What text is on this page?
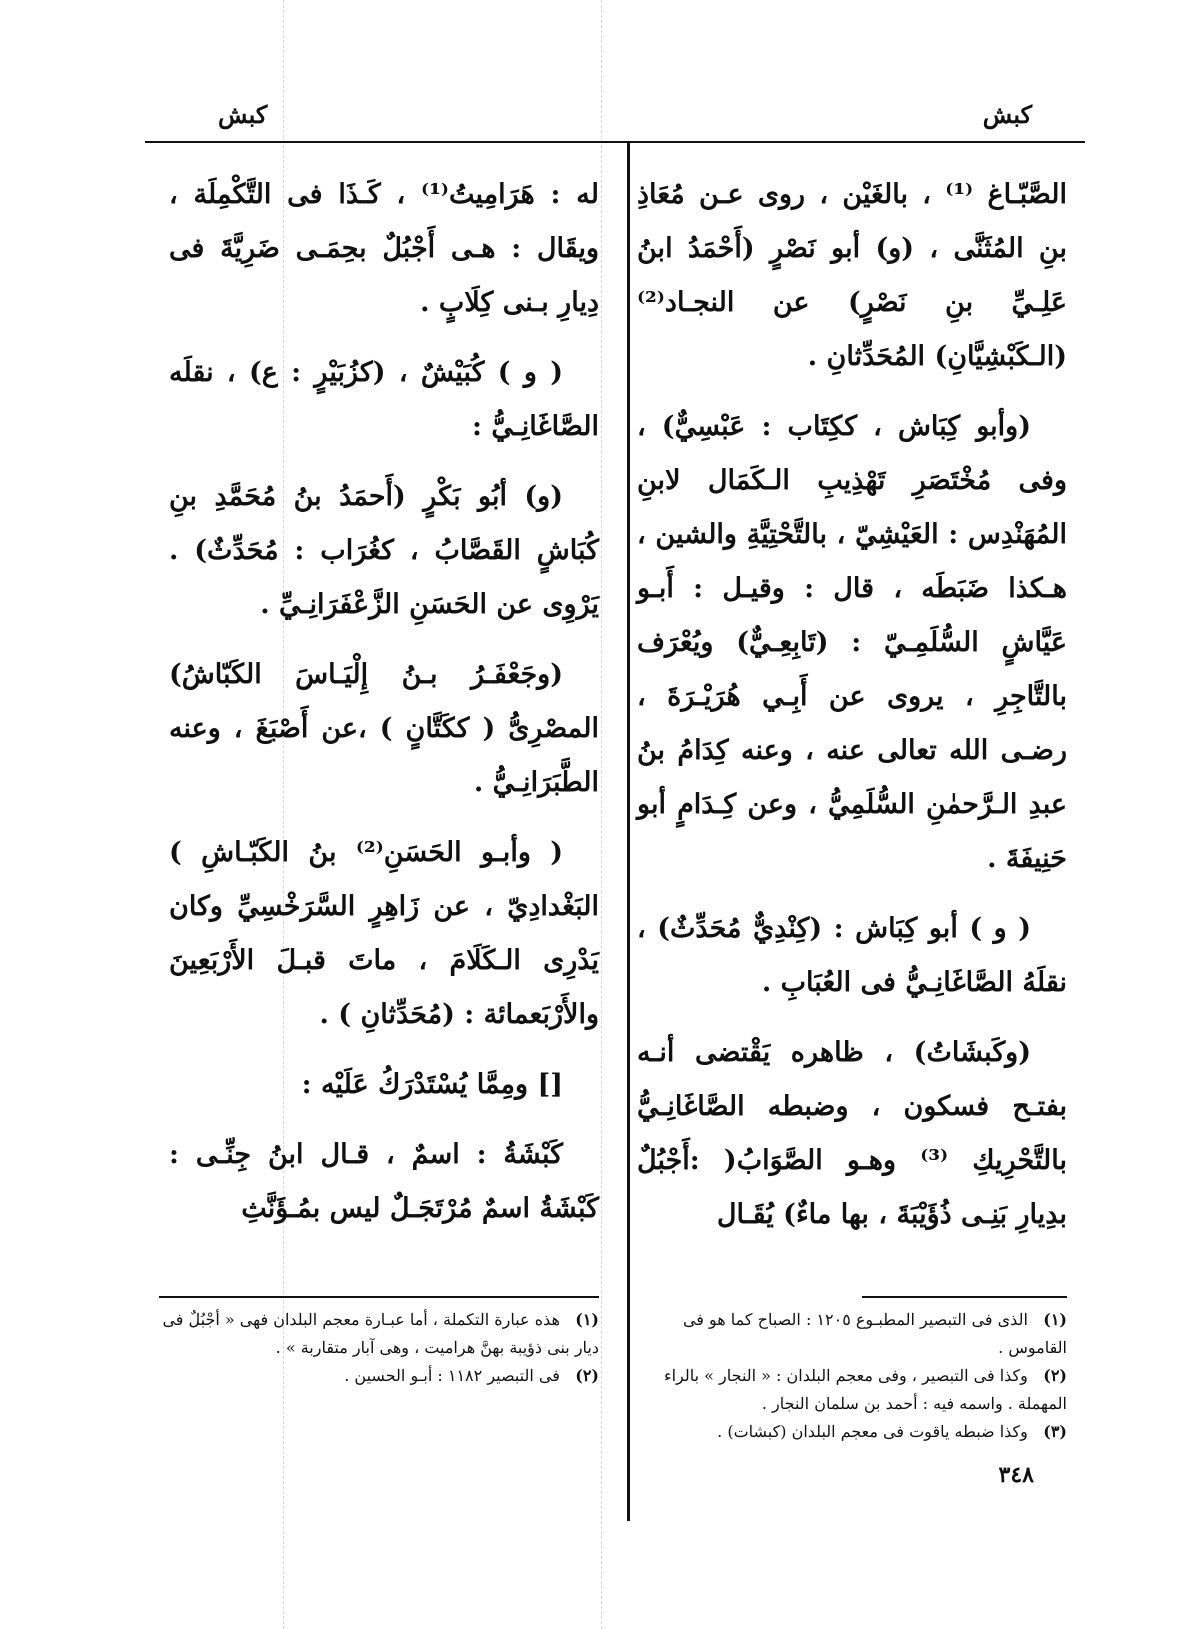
كبش
كبش

الصَّبّـاغ ⁽¹⁾ ، بالغَيْن ، روى عـن مُعَاذِ بنِ المُثَنَّى ، (و) أبو نَصْرٍ (أَحْمَدُ ابنُ عَلِـيِّ بنِ نَصْرٍ) عن النجـاد⁽²⁾ (الـكَبْشِيَّانِ) المُحَدِّثانِ .

(وأبو كِبَاش ، ككِتَاب : عَبْسِيٌّ) ، وفى مُخْتَصَرِ تَهْذِيبِ الـكَمَال لابنِ المُهَنْدِس : العَيْشِيّ ، بالتَّحْتِيَّةِ والشين ، هـكذا ضَبَطَه ، قال : وقيـل : أَبـو عَيَّاشٍ السُّلَمِـيّ : (تَابِعِـيٌّ) ويُعْرَف بالتَّاجِرِ ، يروى عن أَبِـي هُرَيْـرَةَ ، رضـى الله تعالى عنه ، وعنه كِدَامُ بنُ عبدِ الـرَّحمٰنِ السُّلَمِيُّ ، وعن كِـدَامٍ أبو حَنِيفَةَ .

( و ) أبو كِبَاش : (كِنْدِيٌّ مُحَدِّثٌ) ، نقلَهُ الصَّاغَانِـيُّ فى العُبَابِ .

(وكَبشَاتُ) ، ظاهره يَقْتضى أنـه بفتـح فسكون ، وضبطه الصَّاغَانِـيُّ بالتَّحْرِيكِ ⁽³⁾ وهـو الصَّوَابُ( :أَجْبُلٌ بدِيارِ بَنِـى ذُؤَيْبَةَ ، بها ماءٌ) يُقَـال

له : هَرَامِيتُ⁽¹⁾ ، كَـذَا فى التَّكْمِلَة ، ويقَال : هـى أَجْبُلٌ بحِمَـى ضَرِيَّةَ فى دِيارِ بـنى كِلَابٍ .

( و ) كُبَيْشٌ ، (كزُبَيْرٍ : ع) ، نقلَه الصَّاغَانِـيُّ :

(و) أبُو بَكْرٍ (أَحمَدُ بنُ مُحَمَّدِ بنِ كُبَاشٍ القَصَّابُ ، كغُرَاب : مُحَدِّثٌ) . يَرْوِى عن الحَسَنِ الزَّعْفَرَانِـيِّ .

(وجَعْفَـرُ بـنُ إِلْيَـاسَ الكَبّاشُ) المصْرِىُّ ( ككَتَّانٍ ) ،عن أَصْبَغَ ، وعنه الطَّبَرَانِـيُّ .

( وأبـو الحَسَنِ⁽²⁾ بنُ الكَبّـاشِ ) البَغْدادِيّ ، عن زَاهِرٍ السَّرَخْسِيِّ وكان يَدْرِى الـكَلَامَ ، ماتَ قبـلَ الأَرْبَعِينَ والأَرْبَعمائة : (مُحَدِّثانِ ) .

[] ومِمَّا يُسْتَدْرَكُ عَلَيْه :

كَبْشَةُ : اسمٌ ، قـال ابنُ جِنِّـى : كَبْشَةُ اسمٌ مُرْتَجَـلٌ ليس بمُـؤَنَّثِ

(١) الذى فى التبصير المطبـوع ١٢٠٥ : الصباح كما هو فى القاموس .

(٢) وكذا فى التبصير ، وفى معجم البلدان : « النجار » بالراء المهملة . واسمه فيه : أحمد بن سلمان النجار .

(٣) وكذا ضبطه ياقوت فى معجم البلدان (كبشات) .

(١) هذه عبارة التكملة ، أما عبـارة معجم البلدان فهى « أجْبُلٌ فى ديار بنى ذؤيبة بهنَّ هراميت ، وهى آبار متقاربة » .

(٢) فى التبصير ١١٨٢ : أبـو الحسين .

٣٤٨
